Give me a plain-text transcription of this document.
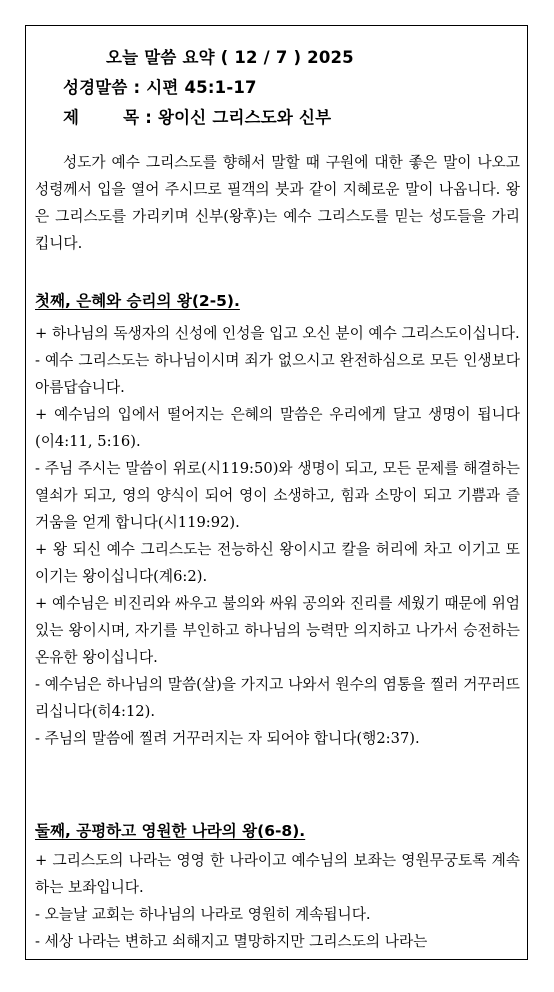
오늘 말씀 요약 ( 12 / 7 ) 2025
성경말씀 : 시편 45:1-17
제	목 : 왕이신 그리스도와 신부
성도가 예수 그리스도를 향해서 말할 때 구원에 대한 좋은 말이 나오고 성령께서 입을 열어 주시므로 필객의 붓과 같이 지혜로운 말이 나옵니다. 왕은 그리스도를 가리키며 신부(왕후)는 예수 그리스도를 믿는 성도들을 가리킵니다.
첫째, 은혜와 승리의 왕(2-5).
+ 하나님의 독생자의 신성에 인성을 입고 오신 분이 예수 그리스도이십니다.
- 예수 그리스도는 하나님이시며 죄가 없으시고 완전하심으로 모든 인생보다 아름답습니다.
+ 예수님의 입에서 떨어지는 은혜의 말씀은 우리에게 달고 생명이 됩니다(이4:11, 5:16).
- 주님 주시는 말씀이 위로(시119:50)와 생명이 되고, 모든 문제를 해결하는 열쇠가 되고, 영의 양식이 되어 영이 소생하고, 힘과 소망이 되고 기쁨과 즐거움을 얻게 합니다(시119:92).
+ 왕 되신 예수 그리스도는 전능하신 왕이시고 칼을 허리에 차고 이기고 또 이기는 왕이십니다(계6:2).
+ 예수님은 비진리와 싸우고 불의와 싸워 공의와 진리를 세웠기 때문에 위엄 있는 왕이시며, 자기를 부인하고 하나님의 능력만 의지하고 나가서 승전하는 온유한 왕이십니다.
- 예수님은 하나님의 말씀(살)을 가지고 나와서 원수의 염통을 찔러 거꾸러뜨리십니다(히4:12).
- 주님의 말씀에 찔려 거꾸러지는 자 되어야 합니다(행2:37).
둘째, 공평하고 영원한 나라의 왕(6-8).
+ 그리스도의 나라는 영영 한 나라이고 예수님의 보좌는 영원무궁토록 계속하는 보좌입니다.
- 오늘날 교회는 하나님의 나라로 영원히 계속됩니다.
- 세상 나라는 변하고 쇠해지고 멸망하지만 그리스도의 나라는
